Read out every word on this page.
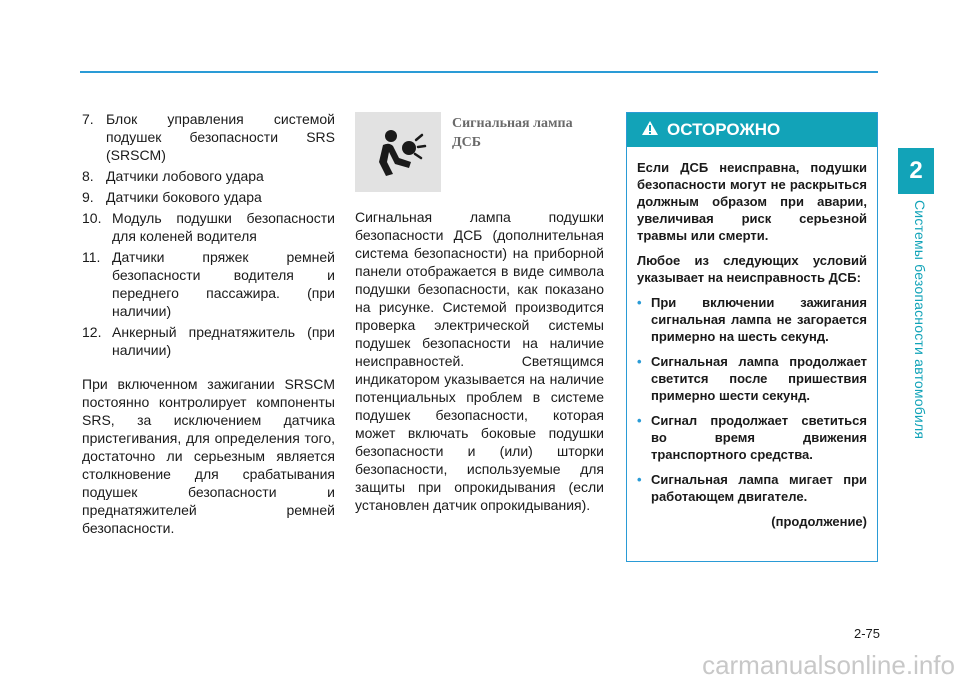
2
Системы безопасности автомобиля
7. Блок управления системой подушек безопасности SRS (SRSCM)
8. Датчики лобового удара
9. Датчики бокового удара
10. Модуль подушки безопасности для коленей водителя
11. Датчики пряжек ремней безопасности водителя и переднего пассажира. (при наличии)
12. Анкерный преднатяжитель (при наличии)
При включенном зажигании SRSCM постоянно контролирует компоненты SRS, за исключением датчика пристегивания, для определения того, достаточно ли серьезным является столкновение для срабатывания подушек безопасности и преднатяжителей ремней безопасности.
Сигнальная лампа ДСБ
Сигнальная лампа подушки безопасности ДСБ (дополнительная система безопасности) на приборной панели отображается в виде символа подушки безопасности, как показано на рисунке. Системой производится проверка электрической системы подушек безопасности на наличие неисправностей. Светящимся индикатором указывается на наличие потенциальных проблем в системе подушек безопасности, которая может включать боковые подушки безопасности и (или) шторки безопасности, используемые для защиты при опрокидывания (если установлен датчик опрокидывания).
ОСТОРОЖНО

Если ДСБ неисправна, подушки безопасности могут не раскрыться должным образом при аварии, увеличивая риск серьезной травмы или смерти.

Любое из следующих условий указывает на неисправность ДСБ:

• При включении зажигания сигнальная лампа не загорается примерно на шесть секунд.
• Сигнальная лампа продолжает светится после пришествия примерно шести секунд.
• Сигнал продолжает светиться во время движения транспортного средства.
• Сигнальная лампа мигает при работающем двигателе.
(продолжение)
2-75
carmanualsonline.info
